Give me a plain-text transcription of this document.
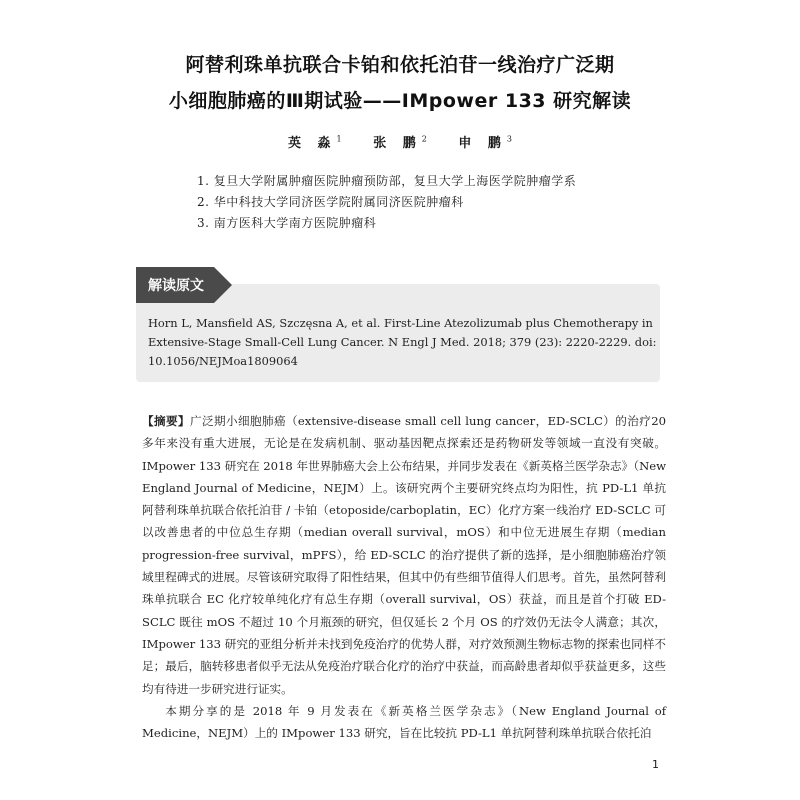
阿替利珠单抗联合卡铂和依托泊苷一线治疗广泛期
小细胞肺癌的Ⅲ期试验——IMpower 133 研究解读
英 淼$^1$ 张 鹏$^2$ 申 鹏$^3$
1. 复旦大学附属肿瘤医院肿瘤预防部，复旦大学上海医学院肿瘤学系
2. 华中科技大学同济医学院附属同济医院肿瘤科
3. 南方医科大学南方医院肿瘤科
解读原文
Horn L, Mansfield AS, Szczęsna A, et al. First-Line Atezolizumab plus Chemotherapy in Extensive-Stage Small-Cell Lung Cancer. N Engl J Med. 2018; 379 (23): 2220-2229. doi: 10.1056/NEJMoa1809064
【摘要】广泛期小细胞肺癌（extensive-disease small cell lung cancer，ED-SCLC）的治疗20多年来没有重大进展，无论是在发病机制、驱动基因靶点探索还是药物研发等领域一直没有突破。IMpower 133 研究在 2018 年世界肺癌大会上公布结果，并同步发表在《新英格兰医学杂志》（New England Journal of Medicine，NEJM）上。该研究两个主要研究终点均为阳性，抗 PD-L1 单抗阿替利珠单抗联合依托泊苷 / 卡铂（etoposide/carboplatin，EC）化疗方案一线治疗 ED-SCLC 可以改善患者的中位总生存期（median overall survival，mOS）和中位无进展生存期（median progression-free survival，mPFS），给 ED-SCLC 的治疗提供了新的选择，是小细胞肺癌治疗领域里程碑式的进展。尽管该研究取得了阳性结果，但其中仍有些细节值得人们思考。首先，虽然阿替利珠单抗联合 EC 化疗较单纯化疗有总生存期（overall survival，OS）获益，而且是首个打破 ED-SCLC 既往 mOS 不超过 10 个月瓶颈的研究，但仅延长 2 个月 OS 的疗效仍无法令人满意；其次，IMpower 133 研究的亚组分析并未找到免疫治疗的优势人群，对疗效预测生物标志物的探索也同样不足；最后，脑转移患者似乎无法从免疫治疗联合化疗的治疗中获益，而高龄患者却似乎获益更多，这些均有待进一步研究进行证实。
本期分享的是 2018 年 9 月发表在《新英格兰医学杂志》（New England Journal of Medicine，NEJM）上的 IMpower 133 研究，旨在比较抗 PD-L1 单抗阿替利珠单抗联合依托泊
1
